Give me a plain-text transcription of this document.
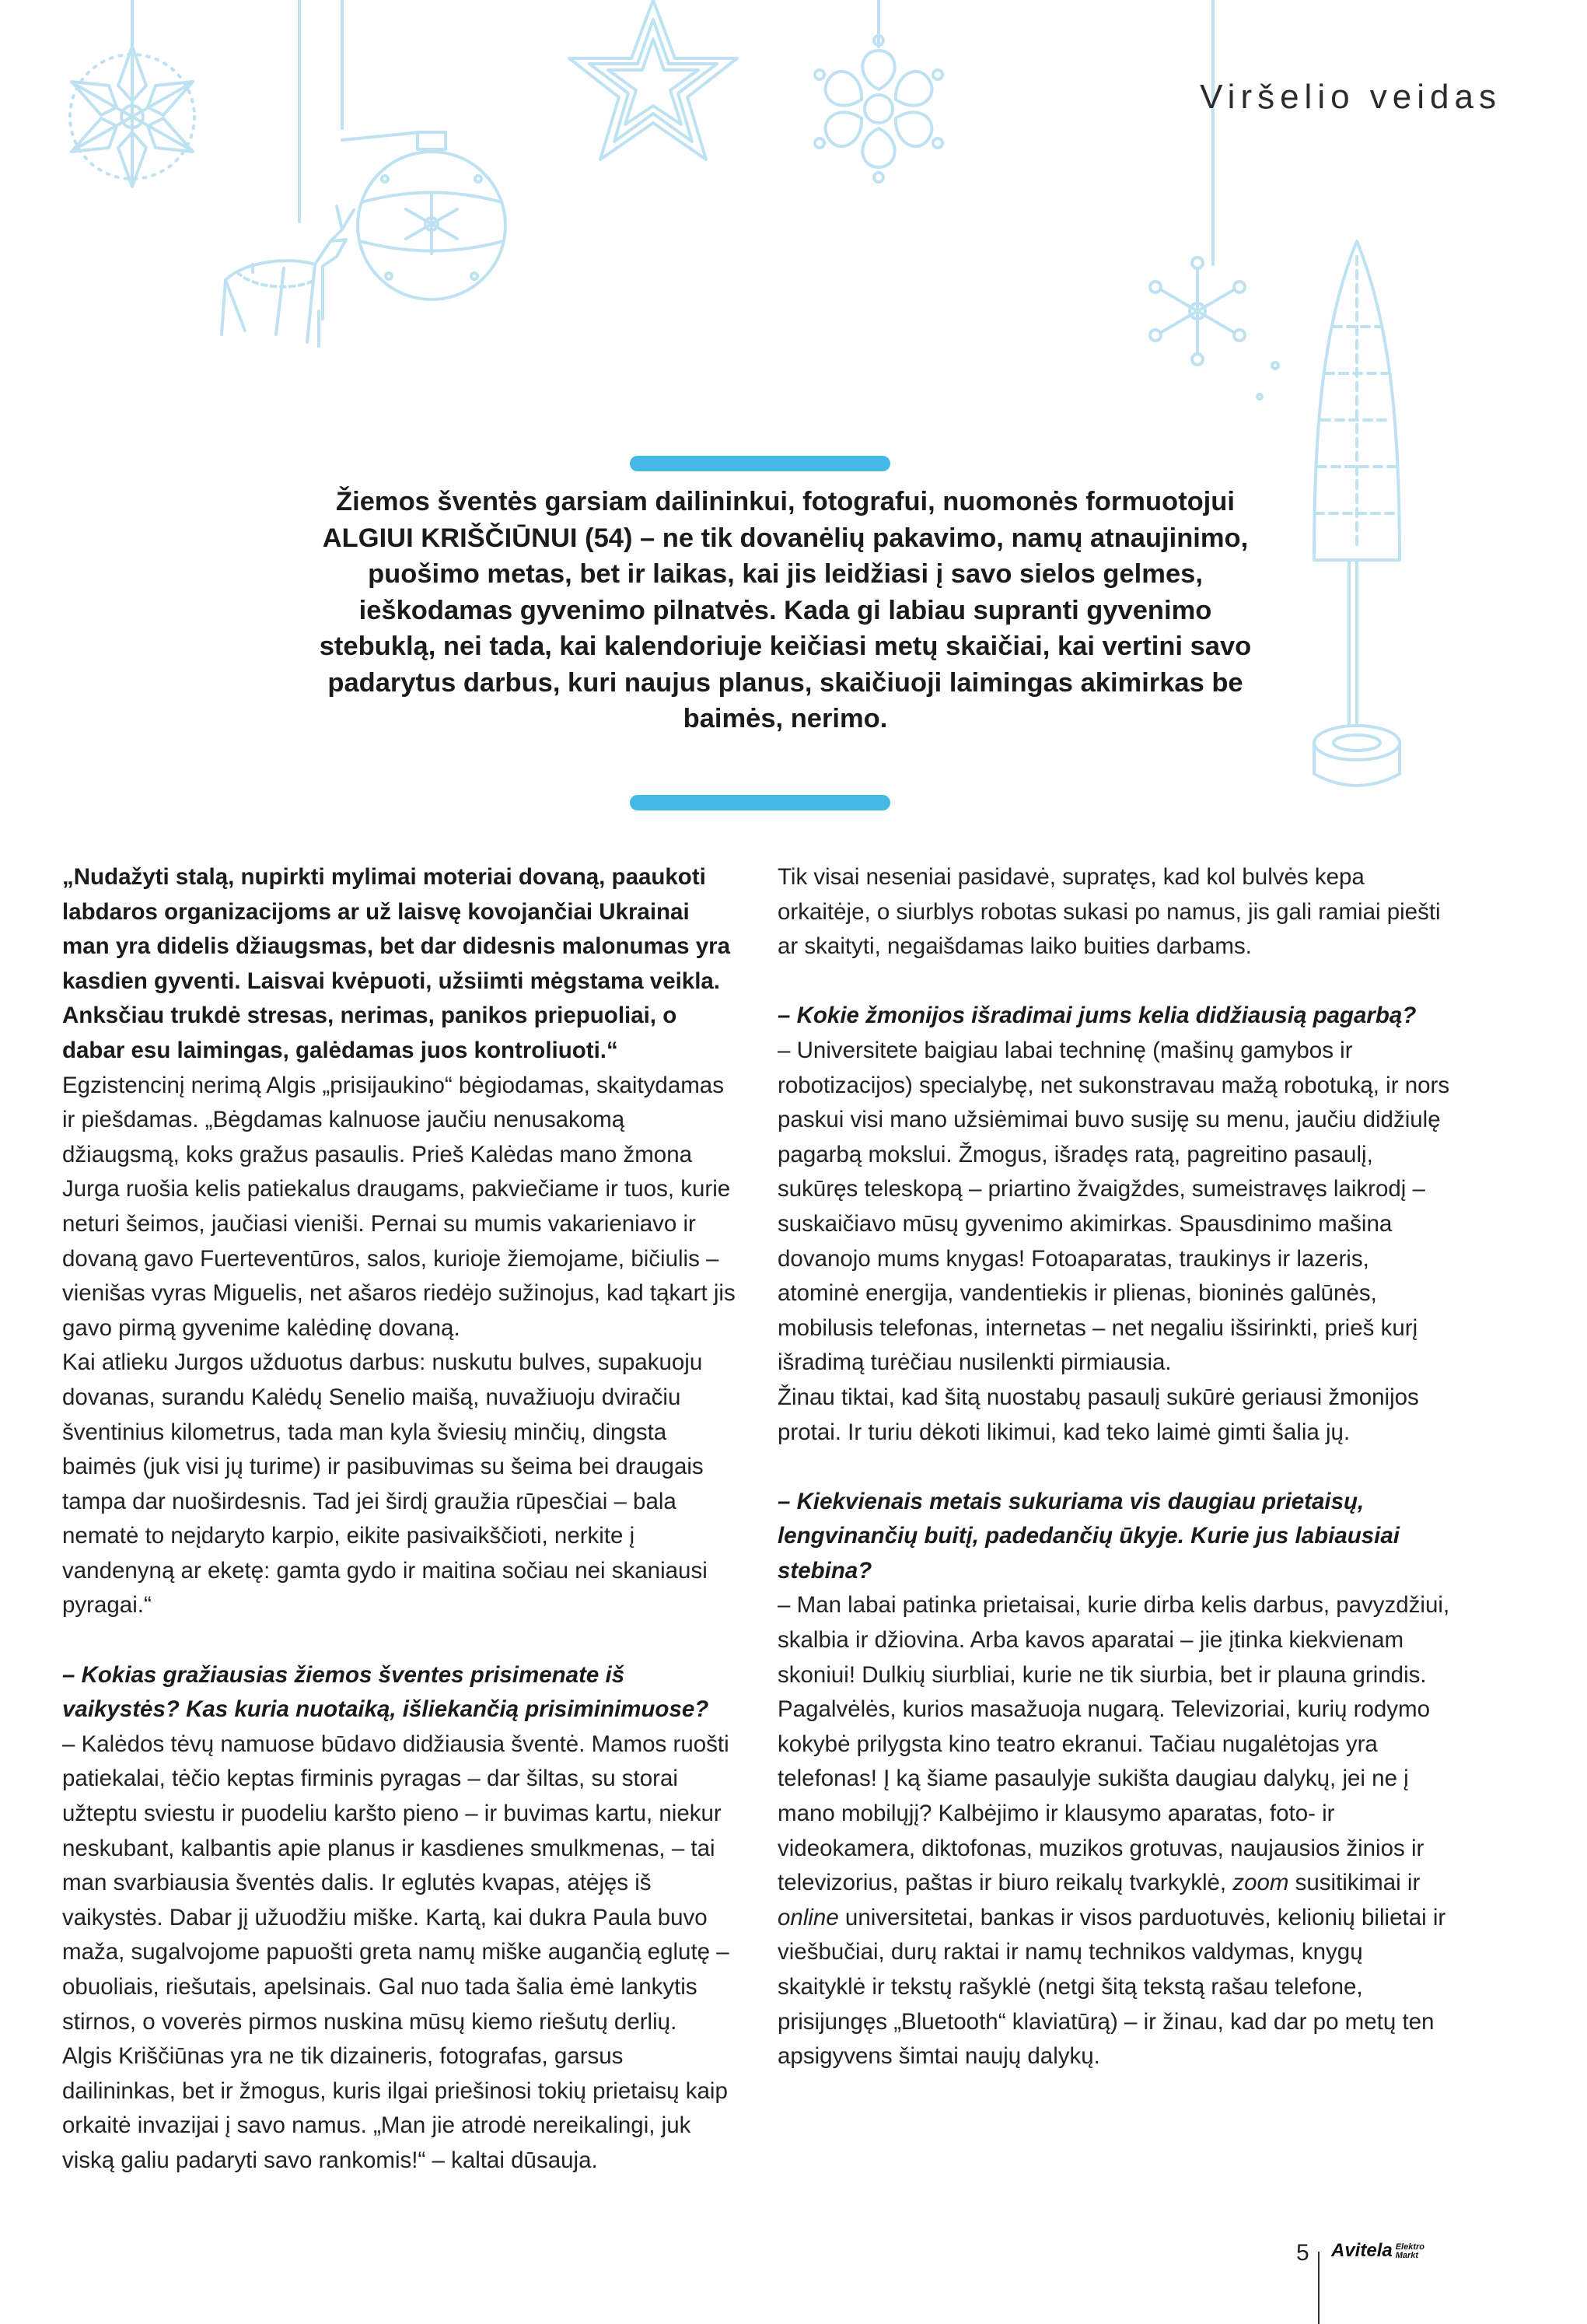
Viršelio veidas
Žiemos šventės garsiam dailininkui, fotografui, nuomonės formuotojui ALGIUI KRIŠČIŪNUI (54) – ne tik dovanėlių pakavimo, namų atnaujinimo, puošimo metas, bet ir laikas, kai jis leidžiasi į savo sielos gelmes, ieškodamas gyvenimo pilnatvės. Kada gi labiau supranti gyvenimo stebuklą, nei tada, kai kalendoriuje keičiasi metų skaičiai, kai vertini savo padarytus darbus, kuri naujus planus, skaičiuoji laimingas akimirkas be baimės, nerimo.

„Nudažyti stalą, nupirkti mylimai moteriai dovaną, paaukoti labdaros organizacijoms ar už laisvę kovojančiai Ukrainai man yra didelis džiaugsmas, bet dar didesnis malonumas yra kasdien gyventi. Laisvai kvėpuoti, užsiimti mėgstama veikla. Anksčiau trukdė stresas, nerimas, panikos priepuoliai, o dabar esu laimingas, galėdamas juos kontroliuoti.“

Egzistencinį nerimą Algis „prisijaukino“ bėgiodamas, skaitydamas ir piešdamas. „Bėgdamas kalnuose jaučiu nenusakomą džiaugsmą, koks gražus pasaulis. Prieš Kalėdas mano žmona Jurga ruošia kelis patiekalus draugams, pakviečiame ir tuos, kurie neturi šeimos, jaučiasi vieniši. Pernai su mumis vakarieniavo ir dovaną gavo Fuerteventūros, salos, kurioje žiemojame, bičiulis – vienišas vyras Miguelis, net ašaros riedėjo sužinojus, kad tąkart jis gavo pirmą gyvenime kalėdinę dovaną.

Kai atlieku Jurgos užduotus darbus: nuskutu bulves, supakuoju dovanas, surandu Kalėdų Senelio maišą, nuvažiuoju dviračiu šventinius kilometrus, tada man kyla šviesių minčių, dingsta baimės (juk visi jų turime) ir pasibuvimas su šeima bei draugais tampa dar nuoširdesnis. Tad jei širdį graužia rūpesčiai – bala nematė to neįdaryto karpio, eikite pasivaikščioti, nerkite į vandenyną ar eketę: gamta gydo ir maitina sočiau nei skaniausi pyragai.“

– Kokias gražiausias žiemos šventes prisimenate iš vaikystės? Kas kuria nuotaiką, išliekančią prisiminimuose?

– Kalėdos tėvų namuose būdavo didžiausia šventė. Mamos ruošti patiekalai, tėčio keptas firminis pyragas – dar šiltas, su storai užteptu sviestu ir puodeliu karšto pieno – ir buvimas kartu, niekur neskubant, kalbantis apie planus ir kasdienes smulkmenas, – tai man svarbiausia šventės dalis. Ir eglutės kvapas, atėjęs iš vaikystės. Dabar jį užuodžiu miške. Kartą, kai dukra Paula buvo maža, sugalvojome papuošti greta namų miške augančią eglutę – obuoliais, riešutais, apelsinais. Gal nuo tada šalia ėmė lankytis stirnos, o voverės pirmos nuskina mūsų kiemo riešutų derlių.

Algis Kriščiūnas yra ne tik dizaineris, fotografas, garsus dailininkas, bet ir žmogus, kuris ilgai priešinosi tokių prietaisų kaip orkaitė invazijai į savo namus. „Man jie atrodė nereikalingi, juk viską galiu padaryti savo rankomis!“ – kaltai dūsauja.

Tik visai neseniai pasidavė, supratęs, kad kol bulvės kepa orkaitėje, o siurblys robotas sukasi po namus, jis gali ramiai piešti ar skaityti, negaišdamas laiko buities darbams.

– Kokie žmonijos išradimai jums kelia didžiausią pagarbą?

– Universitete baigiau labai techninę (mašinų gamybos ir robotizacijos) specialybę, net sukonstravau mažą robotuką, ir nors paskui visi mano užsiėmimai buvo susiję su menu, jaučiu didžiulę pagarbą mokslui. Žmogus, išradęs ratą, pagreitino pasaulį, sukūręs teleskopą – priartino žvaigždes, sumeistravęs laikrodį – suskaičiavo mūsų gyvenimo akimirkas. Spausdinimo mašina dovanojo mums knygas! Fotoaparatas, traukinys ir lazeris, atominė energija, vandentiekis ir plienas, bioninės galūnės, mobilusis telefonas, internetas – net negaliu išsirinkti, prieš kurį išradimą turėčiau nusilenkti pirmiausia.

Žinau tiktai, kad šitą nuostabų pasaulį sukūrė geriausi žmonijos protai. Ir turiu dėkoti likimui, kad teko laimė gimti šalia jų.

– Kiekvienais metais sukuriama vis daugiau prietaisų, lengvinančių buitį, padedančių ūkyje. Kurie jus labiausiai stebina?

– Man labai patinka prietaisai, kurie dirba kelis darbus, pavyzdžiui, skalbia ir džiovina. Arba kavos aparatai – jie įtinka kiekvienam skoniui! Dulkių siurbliai, kurie ne tik siurbia, bet ir plauna grindis. Pagalvėlės, kurios masažuoja nugarą. Televizoriai, kurių rodymo kokybė prilygsta kino teatro ekranui. Tačiau nugalėtojas yra telefonas! Į ką šiame pasaulyje sukišta daugiau dalykų, jei ne į mano mobilųjį? Kalbėjimo ir klausymo aparatas, foto- ir videokamera, diktofonas, muzikos grotuvas, naujausios žinios ir televizorius, paštas ir biuro reikalų tvarkyklė, zoom susitikimai ir online universitetai, bankas ir visos parduotuvės, kelionių bilietai ir viešbučiai, durų raktai ir namų technikos valdymas, knygų skaityklė ir tekstų rašyklė (netgi šitą tekstą rašau telefone, prisijungęs „Bluetooth“ klaviatūrą) – ir žinau, kad dar po metų ten apsigyvens šimtai naujų dalykų.

5 Avitela Elektro
Markt
